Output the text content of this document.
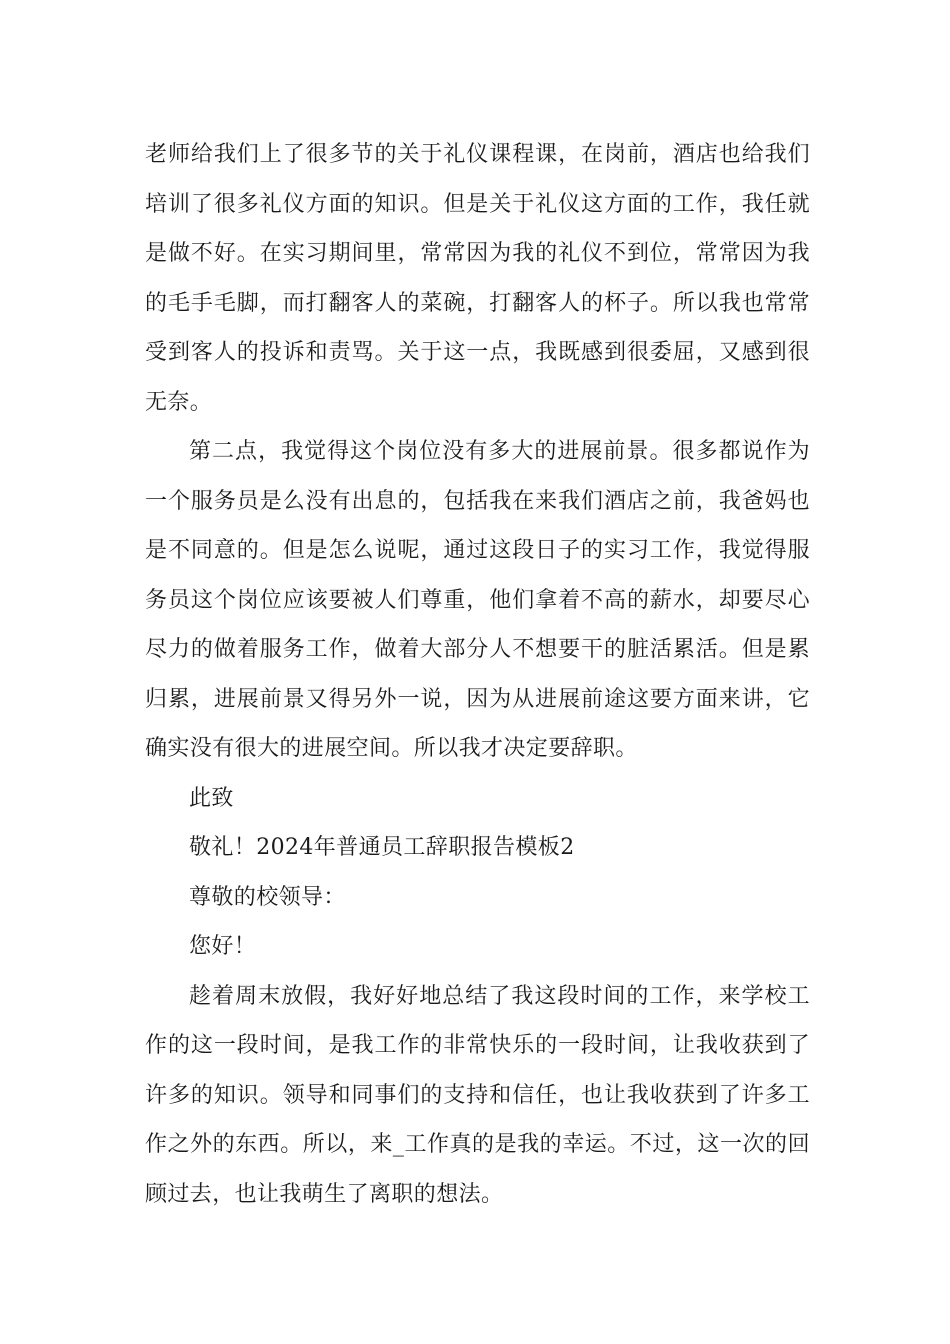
老师给我们上了很多节的关于礼仪课程课，在岗前，酒店也给我们培训了很多礼仪方面的知识。但是关于礼仪这方面的工作，我任就是做不好。在实习期间里，常常因为我的礼仪不到位，常常因为我的毛手毛脚，而打翻客人的菜碗，打翻客人的杯子。所以我也常常受到客人的投诉和责骂。关于这一点，我既感到很委屈，又感到很无奈。

第二点，我觉得这个岗位没有多大的进展前景。很多都说作为一个服务员是么没有出息的，包括我在来我们酒店之前，我爸妈也是不同意的。但是怎么说呢，通过这段日子的实习工作，我觉得服务员这个岗位应该要被人们尊重，他们拿着不高的薪水，却要尽心尽力的做着服务工作，做着大部分人不想要干的脏活累活。但是累归累，进展前景又得另外一说，因为从进展前途这要方面来讲，它确实没有很大的进展空间。所以我才决定要辞职。

此致

敬礼！2024年普通员工辞职报告模板2

尊敬的校领导：

您好！

趁着周末放假，我好好地总结了我这段时间的工作，来学校工作的这一段时间，是我工作的非常快乐的一段时间，让我收获到了许多的知识。领导和同事们的支持和信任，也让我收获到了许多工作之外的东西。所以，来_工作真的是我的幸运。不过，这一次的回顾过去，也让我萌生了离职的想法。
